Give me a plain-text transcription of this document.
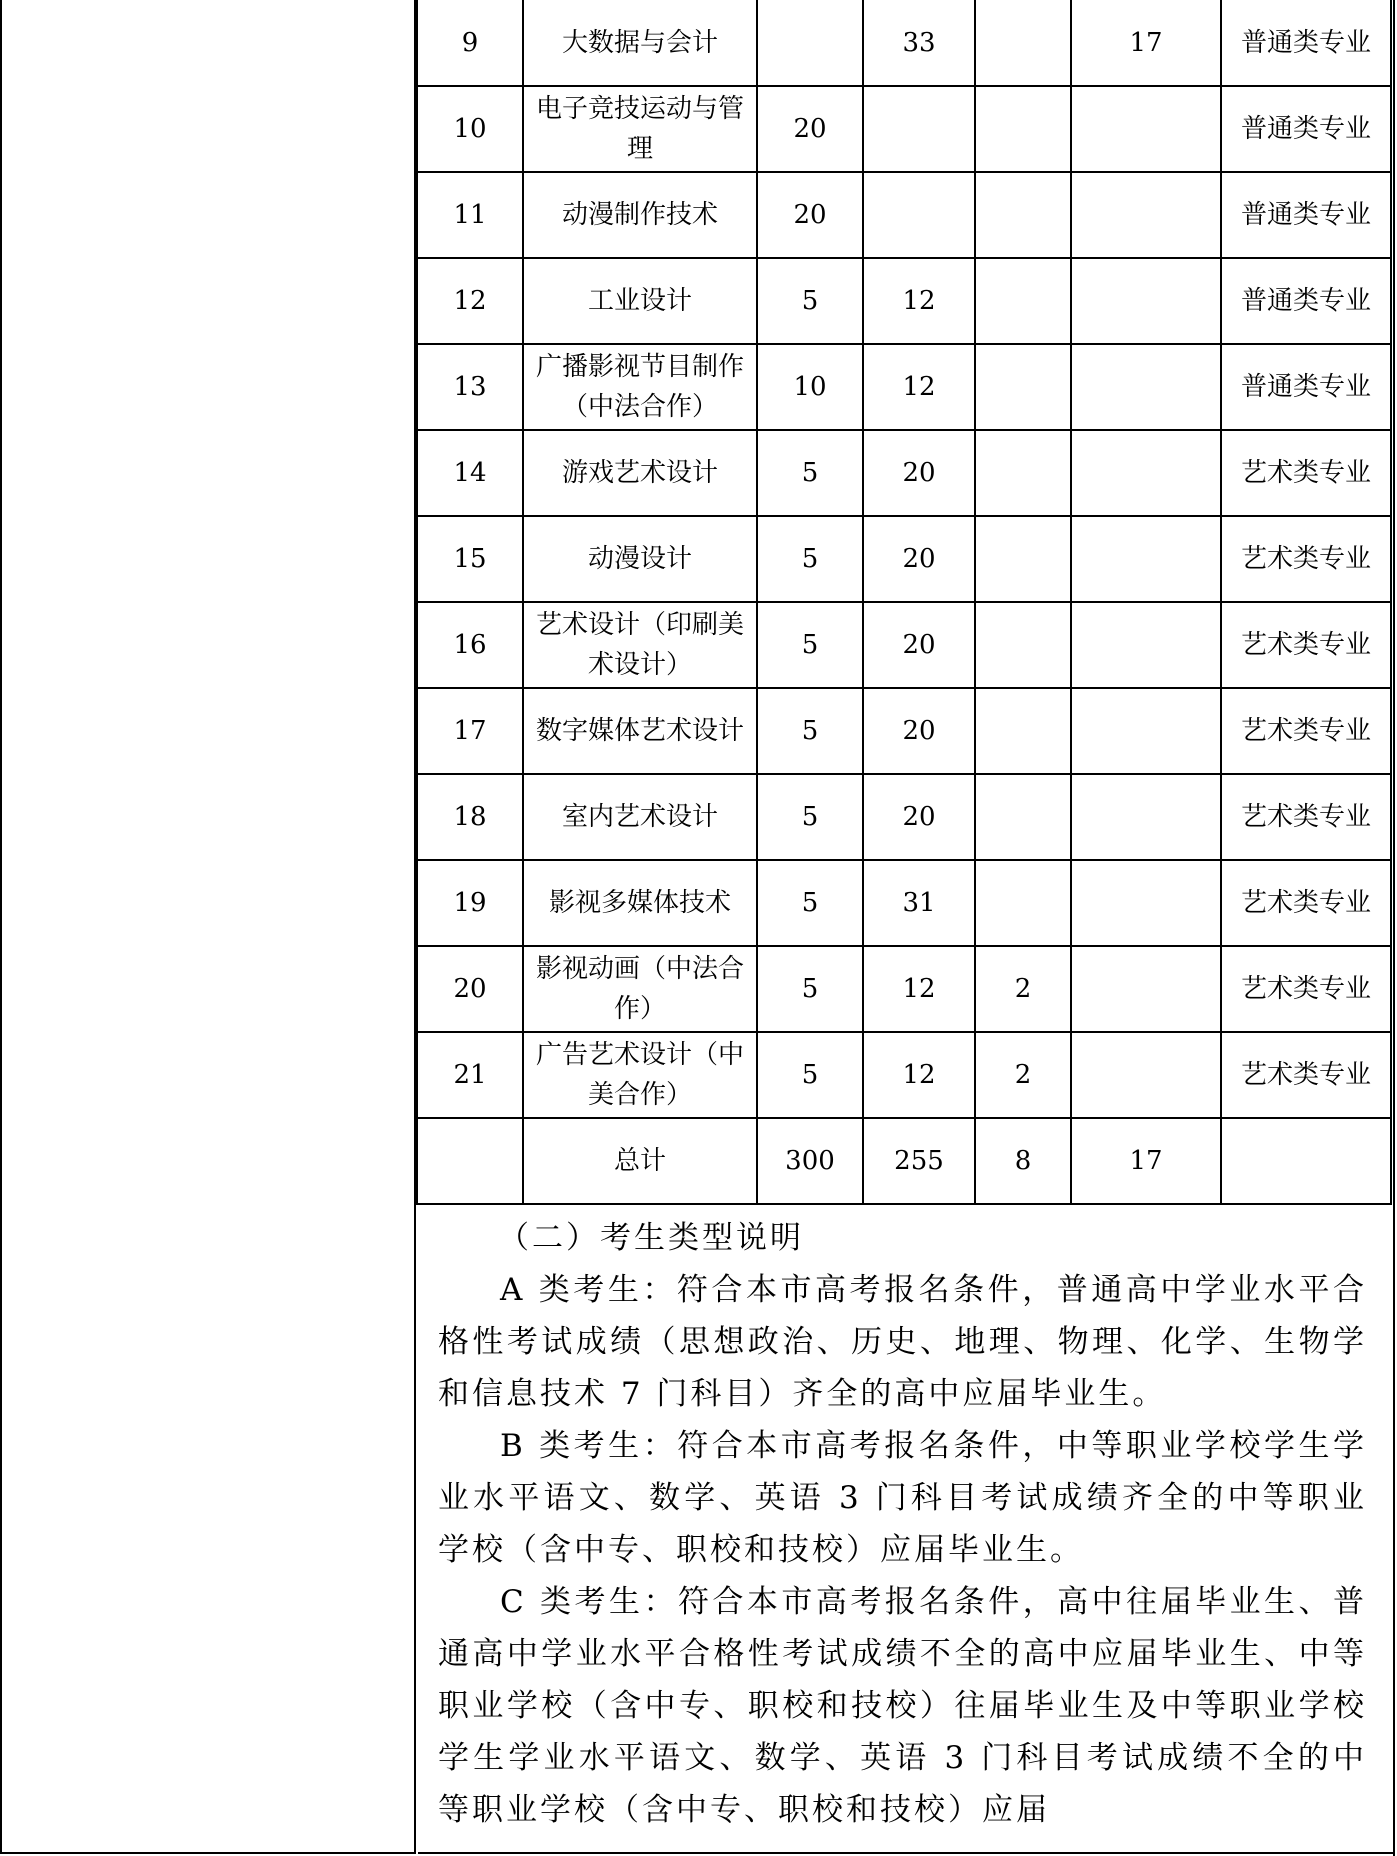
9	大数据与会计		33		17	普通类专业
10	电子竞技运动与管理	20				普通类专业
11	动漫制作技术	20				普通类专业
12	工业设计	5	12			普通类专业
13	广播影视节目制作（中法合作）	10	12			普通类专业
14	游戏艺术设计	5	20			艺术类专业
15	动漫设计	5	20			艺术类专业
16	艺术设计（印刷美术设计）	5	20			艺术类专业
17	数字媒体艺术设计	5	20			艺术类专业
18	室内艺术设计	5	20			艺术类专业
19	影视多媒体技术	5	31			艺术类专业
20	影视动画（中法合作）	5	12	2		艺术类专业
21	广告艺术设计（中美合作）	5	12	2		艺术类专业
	总计	300	255	8	17	

（二）考生类型说明

A 类考生：符合本市高考报名条件，普通高中学业水平合格性考试成绩（思想政治、历史、地理、物理、化学、生物学和信息技术 7 门科目）齐全的高中应届毕业生。

B 类考生：符合本市高考报名条件，中等职业学校学生学业水平语文、数学、英语 3 门科目考试成绩齐全的中等职业学校（含中专、职校和技校）应届毕业生。

C 类考生：符合本市高考报名条件，高中往届毕业生、普通高中学业水平合格性考试成绩不全的高中应届毕业生、中等职业学校（含中专、职校和技校）往届毕业生及中等职业学校学生学业水平语文、数学、英语 3 门科目考试成绩不全的中等职业学校（含中专、职校和技校）应届
